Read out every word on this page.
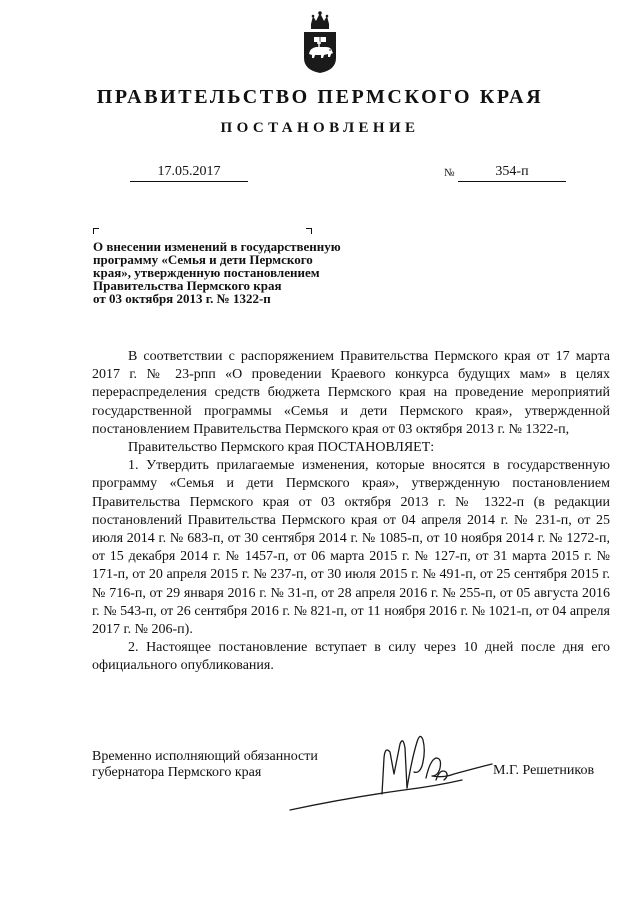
ПРАВИТЕЛЬСТВО ПЕРМСКОГО КРАЯ
ПОСТАНОВЛЕНИЕ
17.05.2017	№	354-п
О внесении изменений в государственную
программу «Семья и дети Пермского
края», утвержденную постановлением
Правительства Пермского края
от 03 октября 2013 г. № 1322-п

В соответствии с распоряжением Правительства Пермского края от 17 марта 2017 г. № 23-рпп «О проведении Краевого конкурса будущих мам» в целях перераспределения средств бюджета Пермского края на проведение мероприятий государственной программы «Семья и дети Пермского края», утвержденной постановлением Правительства Пермского края от 03 октября 2013 г. № 1322-п,

Правительство Пермского края ПОСТАНОВЛЯЕТ:

1. Утвердить прилагаемые изменения, которые вносятся в государственную программу «Семья и дети Пермского края», утвержденную постановлением Правительства Пермского края от 03 октября 2013 г. № 1322-п (в редакции постановлений Правительства Пермского края от 04 апреля 2014 г. № 231-п, от 25 июля 2014 г. № 683-п, от 30 сентября 2014 г. № 1085-п, от 10 ноября 2014 г. № 1272-п, от 15 декабря 2014 г. № 1457-п, от 06 марта 2015 г. № 127-п, от 31 марта 2015 г. № 171-п, от 20 апреля 2015 г. № 237-п, от 30 июля 2015 г. № 491-п, от 25 сентября 2015 г. № 716-п, от 29 января 2016 г. № 31-п, от 28 апреля 2016 г. № 255-п, от 05 августа 2016 г. № 543-п, от 26 сентября 2016 г. № 821-п, от 11 ноября 2016 г. № 1021-п, от 04 апреля 2017 г. № 206-п).

2. Настоящее постановление вступает в силу через 10 дней после дня его официального опубликования.

Временно исполняющий обязанности
губернатора Пермского края	М.Г. Решетников
